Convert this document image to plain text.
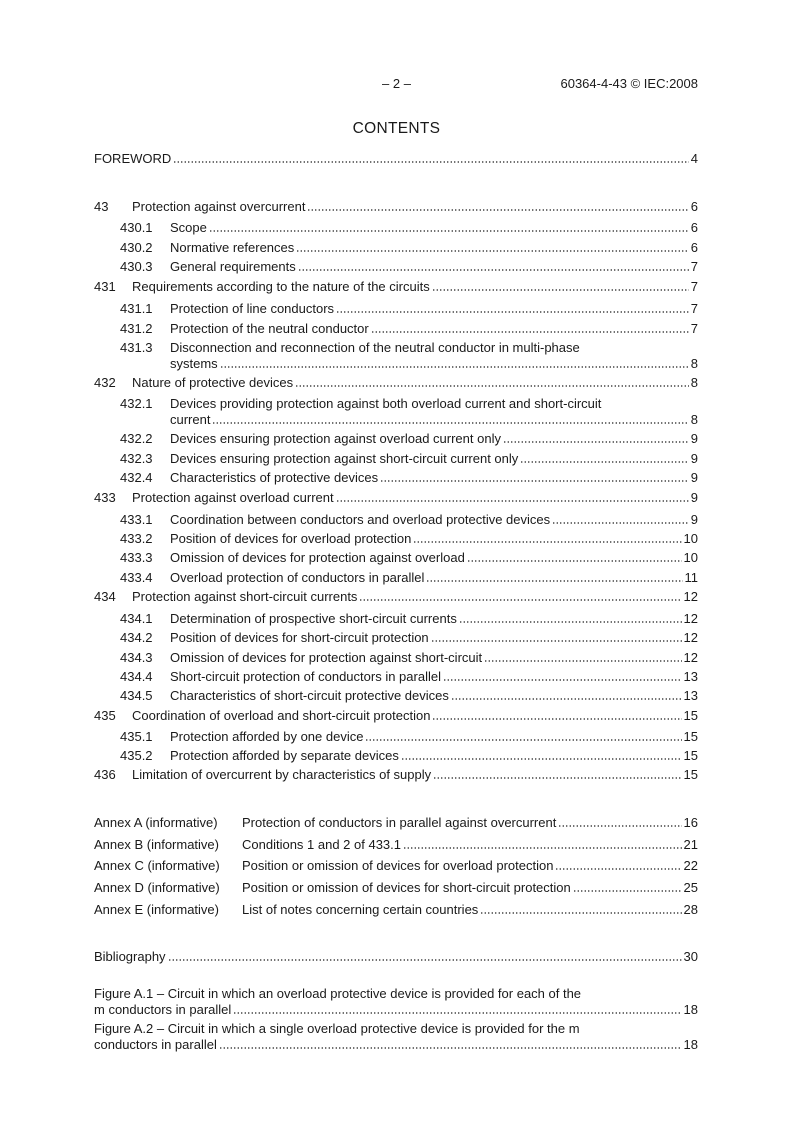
– 2 –	60364-4-43 © IEC:2008
CONTENTS
FOREWORD	4
43	Protection against overcurrent	6
430.1	Scope	6
430.2	Normative references	6
430.3	General requirements	7
431	Requirements according to the nature of the circuits	7
431.1	Protection of line conductors	7
431.2	Protection of the neutral conductor	7
431.3	Disconnection and reconnection of the neutral conductor in multi-phase
systems	8
432	Nature of protective devices	8
432.1	Devices providing protection against both overload current and short-circuit
current	8
432.2	Devices ensuring protection against overload current only	9
432.3	Devices ensuring protection against short-circuit current only	9
432.4	Characteristics of protective devices	9
433	Protection against overload current	9
433.1	Coordination between conductors and overload protective devices	9
433.2	Position of devices for overload protection	10
433.3	Omission of devices for protection against overload	10
433.4	Overload protection of conductors in parallel	11
434	Protection against short-circuit currents	12
434.1	Determination of prospective short-circuit currents	12
434.2	Position of devices for short-circuit protection	12
434.3	Omission of devices for protection against short-circuit	12
434.4	Short-circuit protection of conductors in parallel	13
434.5	Characteristics of short-circuit protective devices	13
435	Coordination of overload and short-circuit protection	15
435.1	Protection afforded by one device	15
435.2	Protection afforded by separate devices	15
436	Limitation of overcurrent by characteristics of supply	15
Annex A (informative)	Protection of conductors in parallel against overcurrent	16
Annex B (informative)	Conditions 1 and 2 of 433.1	21
Annex C (informative)	Position or omission of devices for overload protection	22
Annex D (informative)	Position or omission of devices for short-circuit protection	25
Annex E (informative)	List of notes concerning certain countries	28
Bibliography	30
Figure A.1 – Circuit in which an overload protective device is provided for each of the
m conductors in parallel	18
Figure A.2 – Circuit in which a single overload protective device is provided for the m
conductors in parallel	18
